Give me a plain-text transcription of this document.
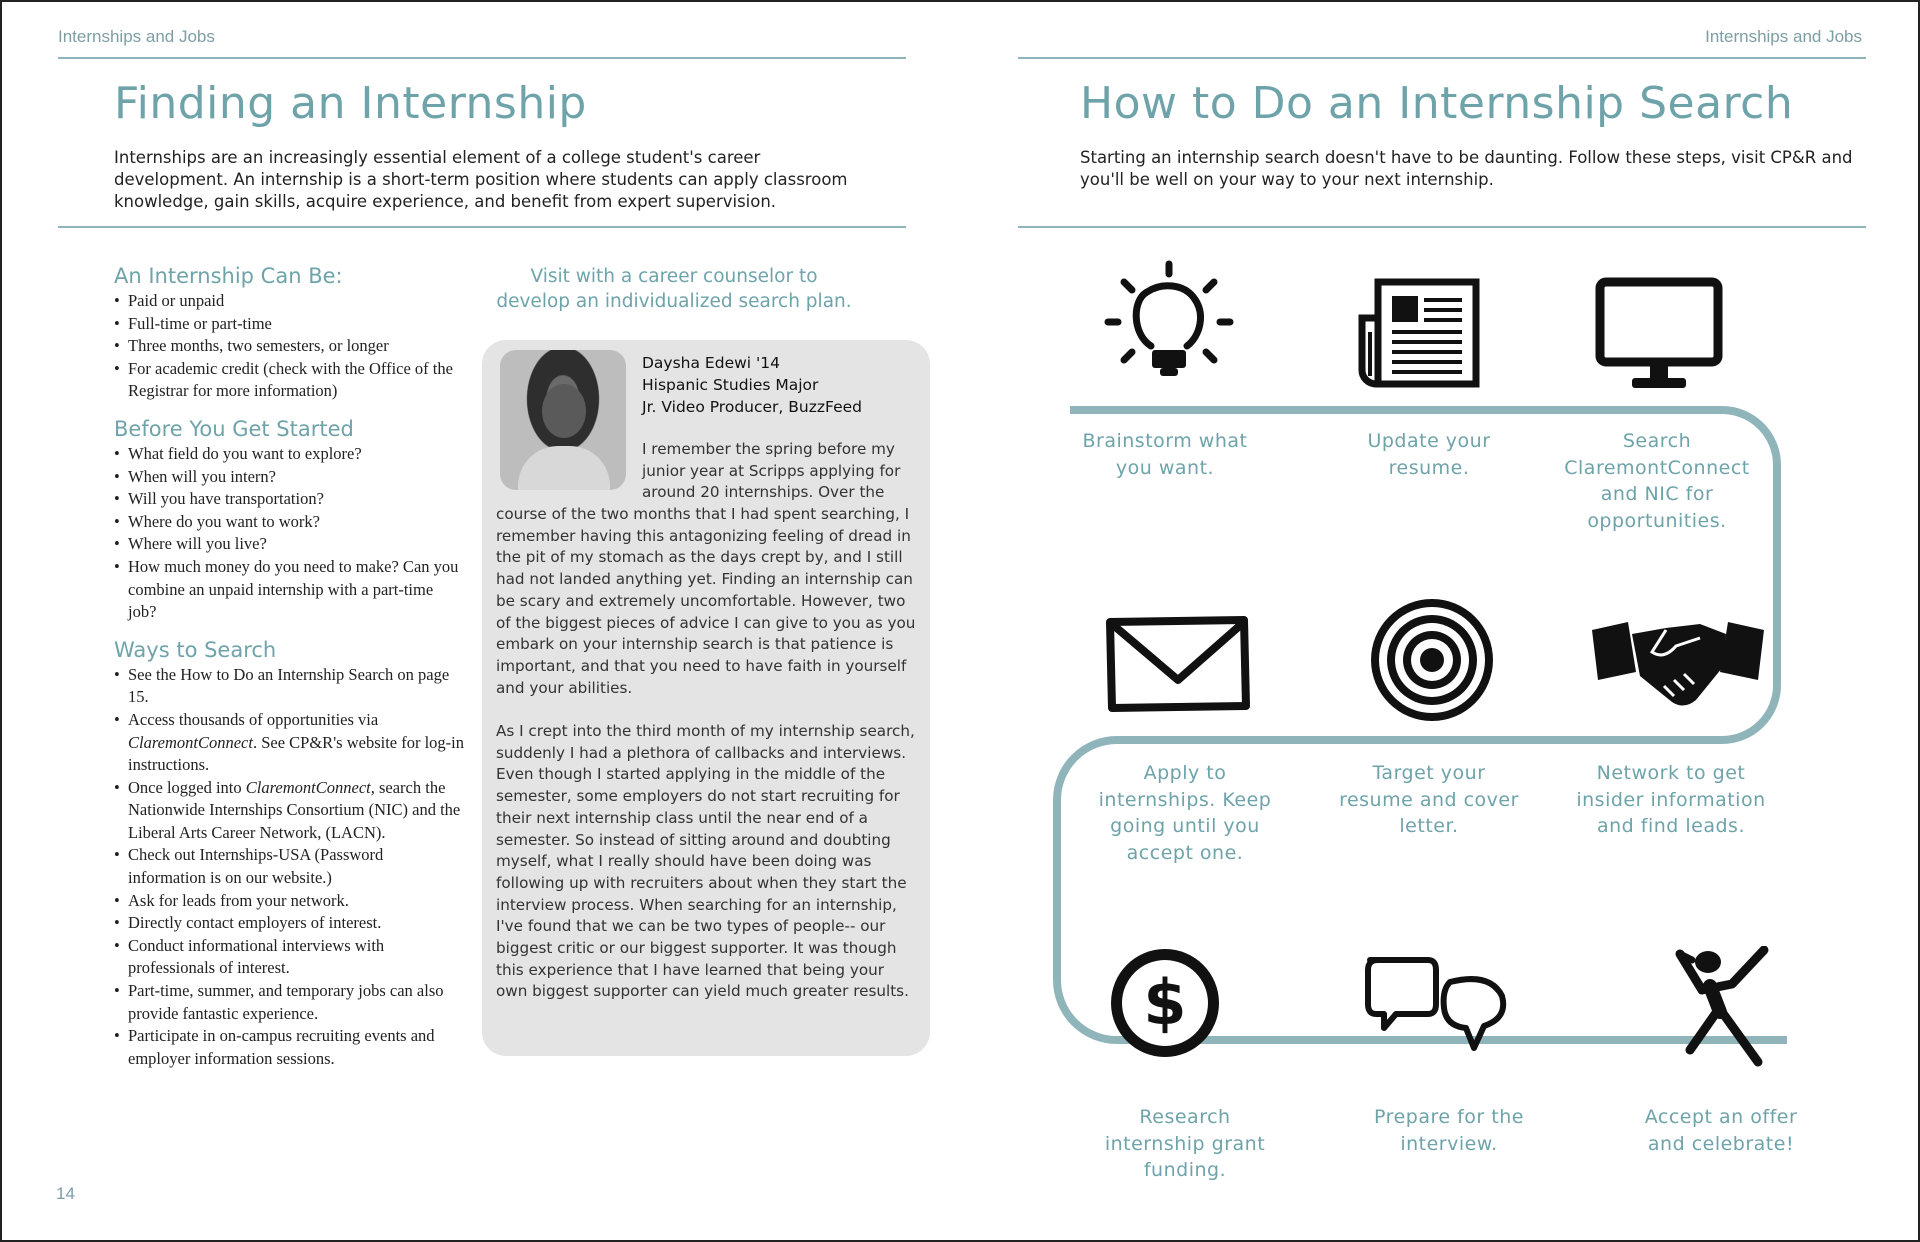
Internships and Jobs
Finding an Internship

Internships are an increasingly essential element of a college student's career development. An internship is a short-term position where students can apply classroom knowledge, gain skills, acquire experience, and benefit from expert supervision.

An Internship Can Be:
• Paid or unpaid
• Full-time or part-time
• Three months, two semesters, or longer
• For academic credit (check with the Office of the Registrar for more information)
Before You Get Started
• What field do you want to explore?
• When will you intern?
• Will you have transportation?
• Where do you want to work?
• Where will you live?
• How much money do you need to make? Can you combine an unpaid internship with a part-time job?
Ways to Search
• See the How to Do an Internship Search on page 15.
• Access thousands of opportunities via ClaremontConnect. See CP&R's website for log-in instructions.
• Once logged into ClaremontConnect, search the Nationwide Internships Consortium (NIC) and the Liberal Arts Career Network, (LACN).
• Check out Internships-USA (Password information is on our website.)
• Ask for leads from your network.
• Directly contact employers of interest.
• Conduct informational interviews with professionals of interest.
• Part-time, summer, and temporary jobs can also provide fantastic experience.
• Participate in on-campus recruiting events and employer information sessions.
Visit with a career counselor to develop an individualized search plan.
Daysha Edewi '14
Hispanic Studies Major
Jr. Video Producer, BuzzFeed
I remember the spring before my junior year at Scripps applying for around 20 internships. Over the
course of the two months that I had spent searching, I remember having this antagonizing feeling of dread in the pit of my stomach as the days crept by, and I still had not landed anything yet. Finding an internship can be scary and extremely uncomfortable. However, two of the biggest pieces of advice I can give to you as you embark on your internship search is that patience is important, and that you need to have faith in yourself and your abilities.
As I crept into the third month of my internship search, suddenly I had a plethora of callbacks and interviews. Even though I started applying in the middle of the semester, some employers do not start recruiting for their next internship class until the near end of a semester. So instead of sitting around and doubting myself, what I really should have been doing was following up with recruiters about when they start the interview process. When searching for an internship, I've found that we can be two types of people-- our biggest critic or our biggest supporter. It was though this experience that I have learned that being your own biggest supporter can yield much greater results.
14
Internships and Jobs
How to Do an Internship Search

Starting an internship search doesn't have to be daunting. Follow these steps, visit CP&R and you'll be well on your way to your next internship.

Brainstorm what you want.
Update your resume.
Search ClaremontConnect and NIC for opportunities.
Apply to internships. Keep going until you accept one.
Target your resume and cover letter.
Network to get insider information and find leads.
$
Research internship grant funding.
Prepare for the interview.
Accept an offer and celebrate!
